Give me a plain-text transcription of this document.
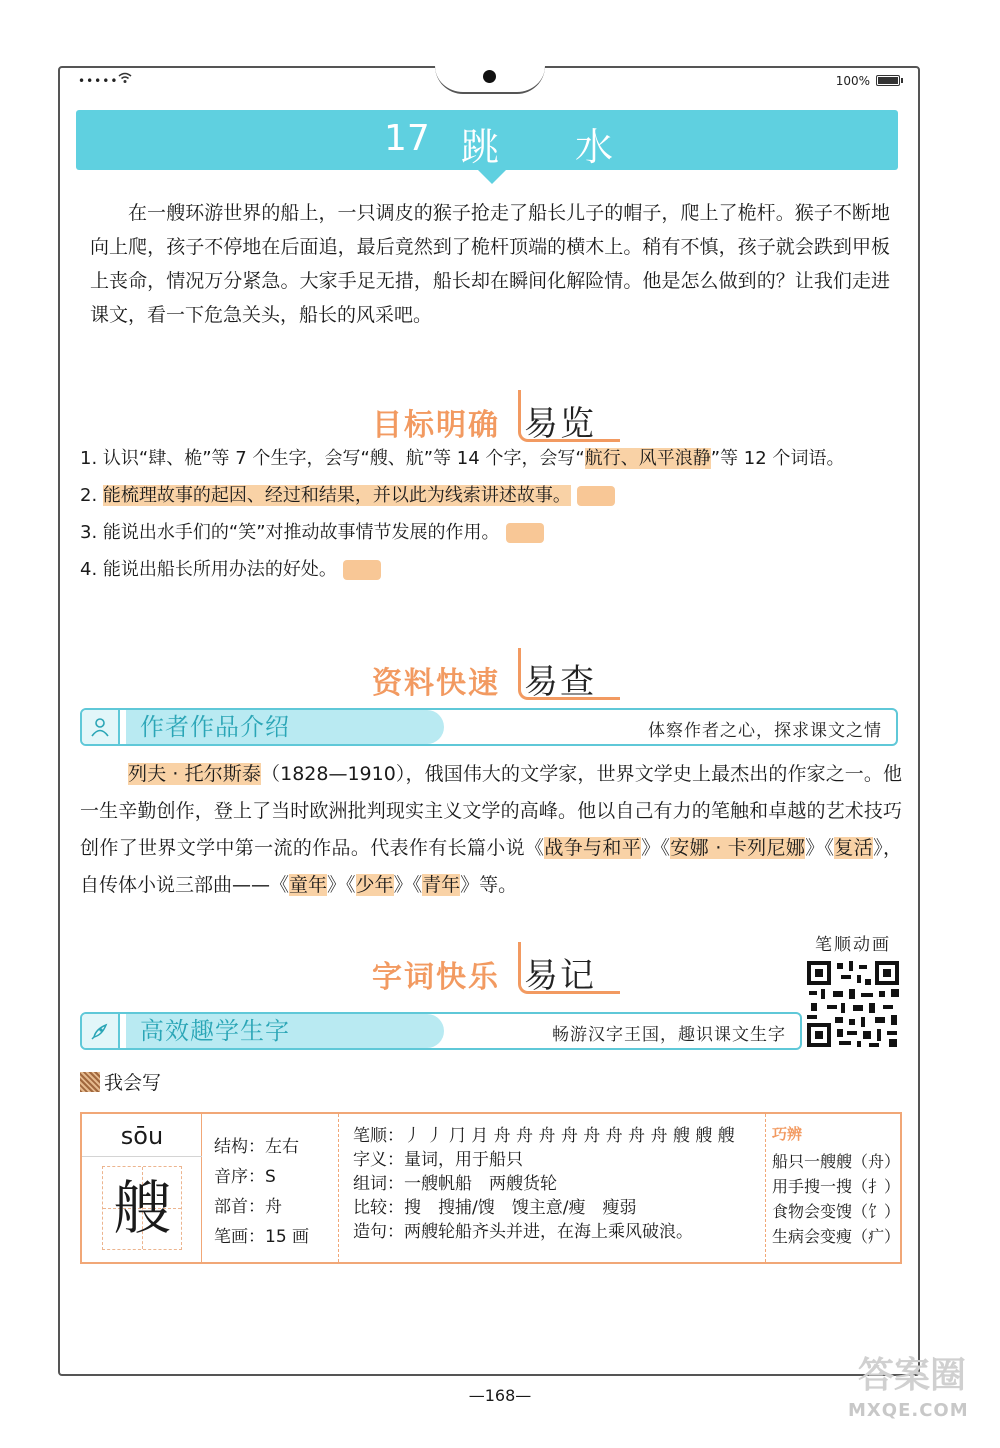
•••••	100%
17 跳水

在一艘环游世界的船上，一只调皮的猴子抢走了船长儿子的帽子，爬上了桅杆。猴子不断地向上爬，孩子不停地在后面追，最后竟然到了桅杆顶端的横木上。稍有不慎，孩子就会跌到甲板上丧命，情况万分紧急。大家手足无措，船长却在瞬间化解险情。他是怎么做到的？让我们走进课文，看一下危急关头，船长的风采吧。

目标明确 易览
1. 认识“肆、桅”等 7 个生字，会写“艘、航”等 14 个字，会写“航行、风平浪静”等 12 个词语。
2. 能梳理故事的起因、经过和结果，并以此为线索讲述故事。
3. 能说出水手们的“笑”对推动故事情节发展的作用。
4. 能说出船长所用办法的好处。
资料快速 易查
作者作品介绍	体察作者之心，探求课文之情

列夫 · 托尔斯泰（1828—1910），俄国伟大的文学家，世界文学史上最杰出的作家之一。他一生辛勤创作，登上了当时欧洲批判现实主义文学的高峰。他以自己有力的笔触和卓越的艺术技巧创作了世界文学中第一流的作品。代表作有长篇小说《战争与和平》《安娜 · 卡列尼娜》《复活》，自传体小说三部曲——《童年》《少年》《青年》等。

字词快乐 易记
笔顺动画
高效趣学生字	畅游汉字王国，趣识课文生字
我会写
sōu
艘
结构：左右
音序：S
部首：舟
笔画：15 画
笔顺：丿 丿 ⺆ 月 舟 舟 舟 舟 舟 舟 舟 舟 艘 艘 艘
字义：量词，用于船只
组词：一艘帆船　两艘货轮
比较：搜　搜捕/馊　馊主意/瘦　瘦弱
造句：两艘轮船齐头并进，在海上乘风破浪。
巧辨
船只一艘艘（舟）
用手搜一搜（扌）
食物会变馊（饣）
生病会变瘦（疒）
—168—	答案圈
MXQE.COM
